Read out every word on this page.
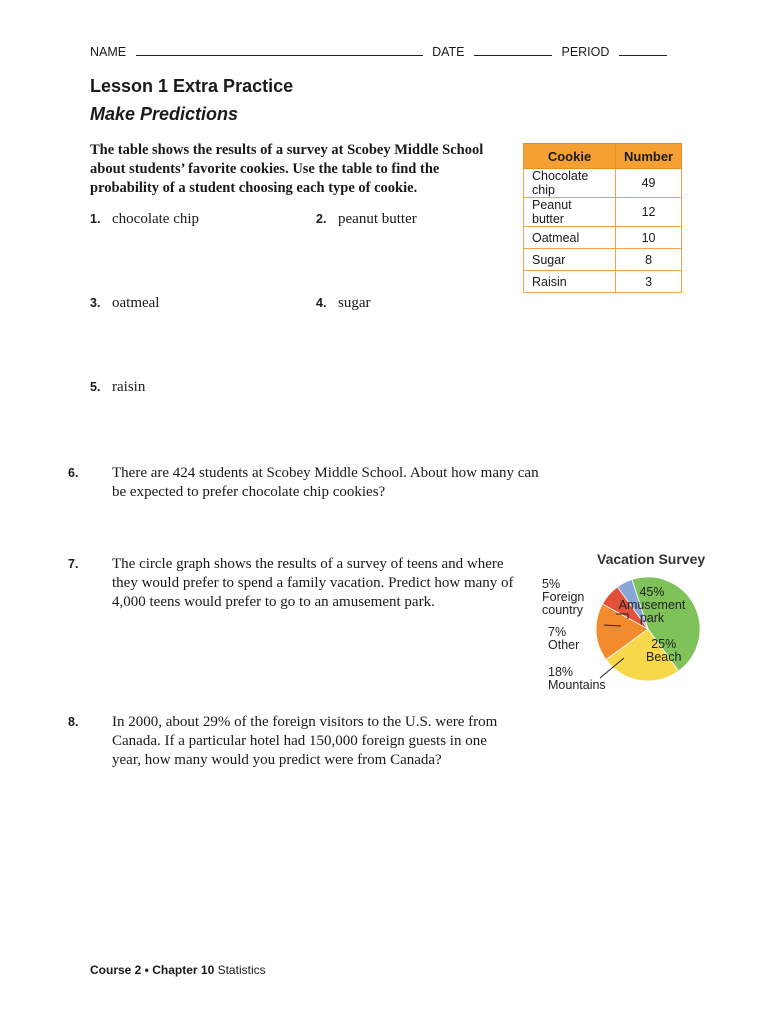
NAME	DATE	PERIOD
Lesson 1 Extra Practice
Make Predictions
The table shows the results of a survey at Scobey Middle School about students’ favorite cookies. Use the table to find the probability of a student choosing each type of cookie.
Cookie	Number
Chocolate chip	49
Peanut butter	12
Oatmeal	10
Sugar	8
Raisin	3
1. chocolate chip	2. peanut butter
3. oatmeal	4. sugar
5. raisin
6. There are 424 students at Scobey Middle School. About how many can be expected to prefer chocolate chip cookies?
7. The circle graph shows the results of a survey of teens and where they would prefer to spend a family vacation. Predict how many of 4,000 teens would prefer to go to an amusement park.
8. In 2000, about 29% of the foreign visitors to the U.S. were from Canada. If a particular hotel had 150,000 foreign guests in one year, how many would you predict were from Canada?
Vacation Survey
5%
Foreign country
45%
Amusement park
7%
Other	25%
Beach
18%
Mountains
Course 2 • Chapter 10 Statistics
